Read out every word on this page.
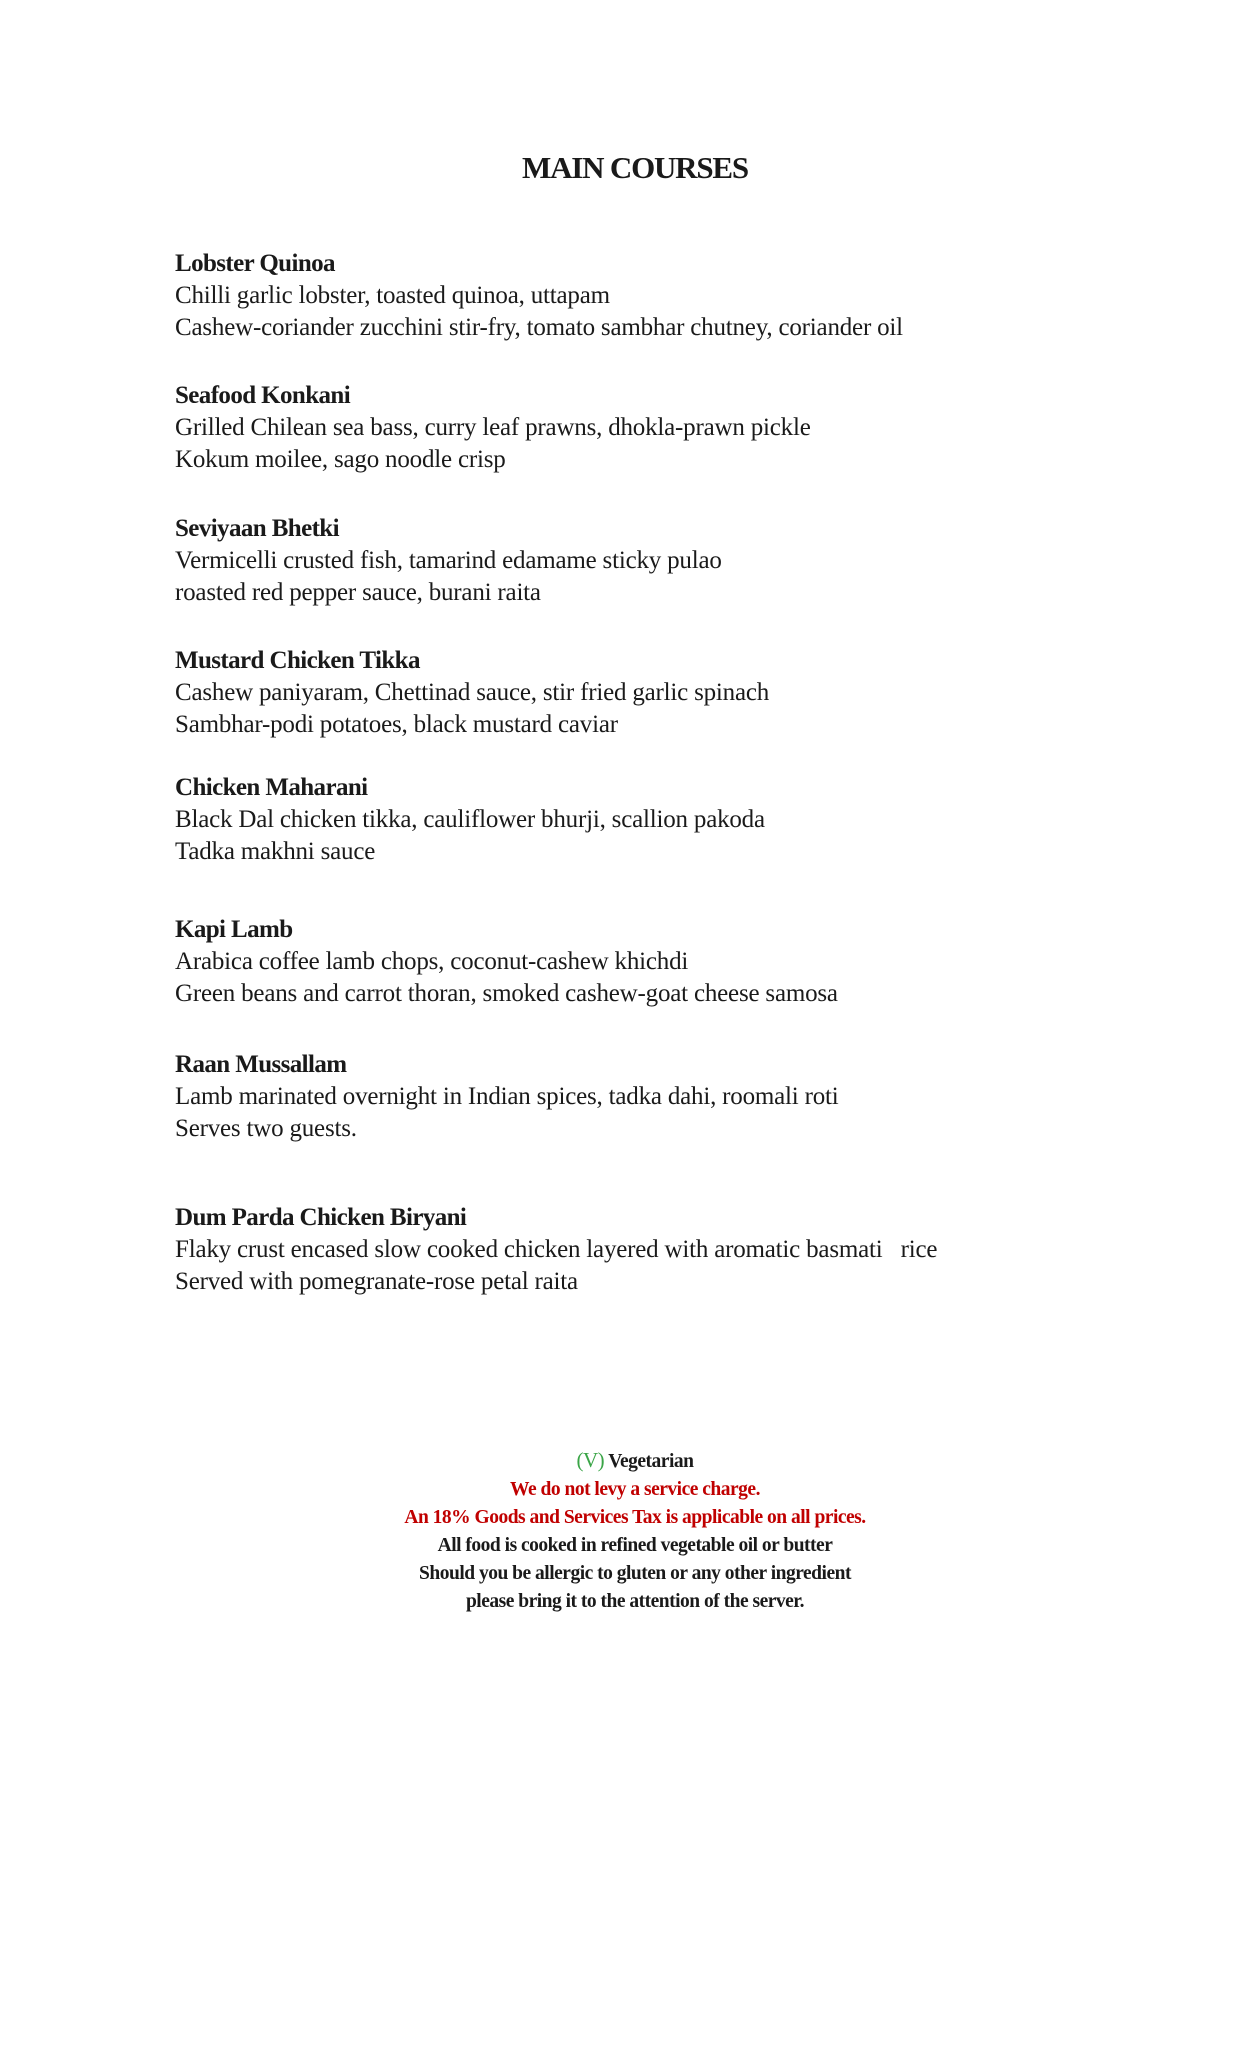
MAIN COURSES

Lobster Quinoa

Chilli garlic lobster, toasted quinoa, uttapam

Cashew-coriander zucchini stir-fry, tomato sambhar chutney, coriander oil

Seafood Konkani

Grilled Chilean sea bass, curry leaf prawns, dhokla-prawn pickle

Kokum moilee, sago noodle crisp

Seviyaan Bhetki

Vermicelli crusted fish, tamarind edamame sticky pulao

roasted red pepper sauce, burani raita

Mustard Chicken Tikka

Cashew paniyaram, Chettinad sauce, stir fried garlic spinach

Sambhar-podi potatoes, black mustard caviar

Chicken Maharani

Black Dal chicken tikka, cauliflower bhurji, scallion pakoda

Tadka makhni sauce

Kapi Lamb

Arabica coffee lamb chops, coconut-cashew khichdi

Green beans and carrot thoran, smoked cashew-goat cheese samosa

Raan Mussallam

Lamb marinated overnight in Indian spices, tadka dahi, roomali roti

Serves two guests.

Dum Parda Chicken Biryani

Flaky crust encased slow cooked chicken layered with aromatic basmati   rice

Served with pomegranate-rose petal raita

(V) Vegetarian

We do not levy a service charge.

An 18% Goods and Services Tax is applicable on all prices.

All food is cooked in refined vegetable oil or butter

Should you be allergic to gluten or any other ingredient

please bring it to the attention of the server.
